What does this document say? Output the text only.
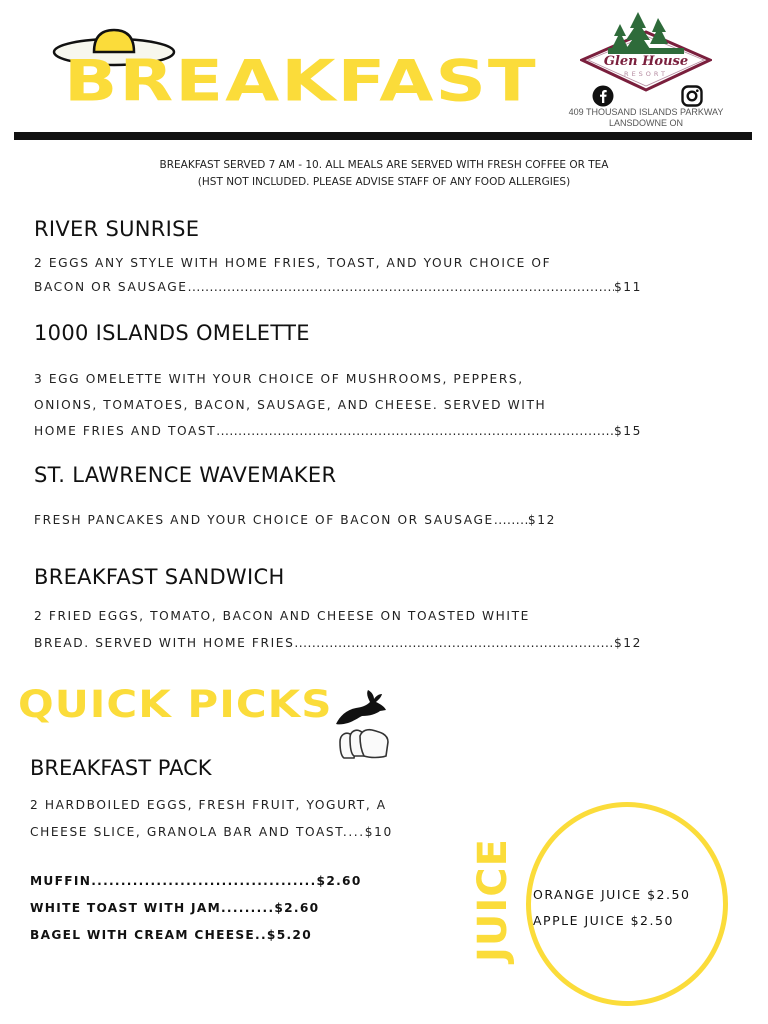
BREAKFAST	Glen House
RESORT
409 THOUSAND ISLANDS PARKWAY
LANSDOWNE ON
BREAKFAST SERVED 7 AM - 10. ALL MEALS ARE SERVED WITH FRESH COFFEE OR TEA
(HST NOT INCLUDED. PLEASE ADVISE STAFF OF ANY FOOD ALLERGIES)
RIVER SUNRISE
2 EGGS ANY STYLE WITH HOME FRIES, TOAST, AND YOUR CHOICE OF
BACON OR SAUSAGE .....	$11
1000 ISLANDS OMELETTE
3 EGG OMELETTE WITH YOUR CHOICE OF MUSHROOMS, PEPPERS,
ONIONS, TOMATOES, BACON, SAUSAGE, AND CHEESE. SERVED WITH
HOME FRIES AND TOAST .....	$15
ST. LAWRENCE WAVEMAKER
FRESH PANCAKES AND YOUR CHOICE OF BACON OR SAUSAGE .....	$12
BREAKFAST SANDWICH
2 FRIED EGGS, TOMATO, BACON AND CHEESE ON TOASTED WHITE
BREAD. SERVED WITH HOME FRIES .....	$12
QUICK PICKS
BREAKFAST PACK
2 HARDBOILED EGGS, FRESH FRUIT, YOGURT, A
CHEESE SLICE, GRANOLA BAR AND TOAST....$10
MUFFIN......................................$2.60
WHITE TOAST WITH JAM.........$2.60
BAGEL WITH CREAM CHEESE..$5.20	JUICE ORANGE JUICE $2.50
APPLE JUICE $2.50
